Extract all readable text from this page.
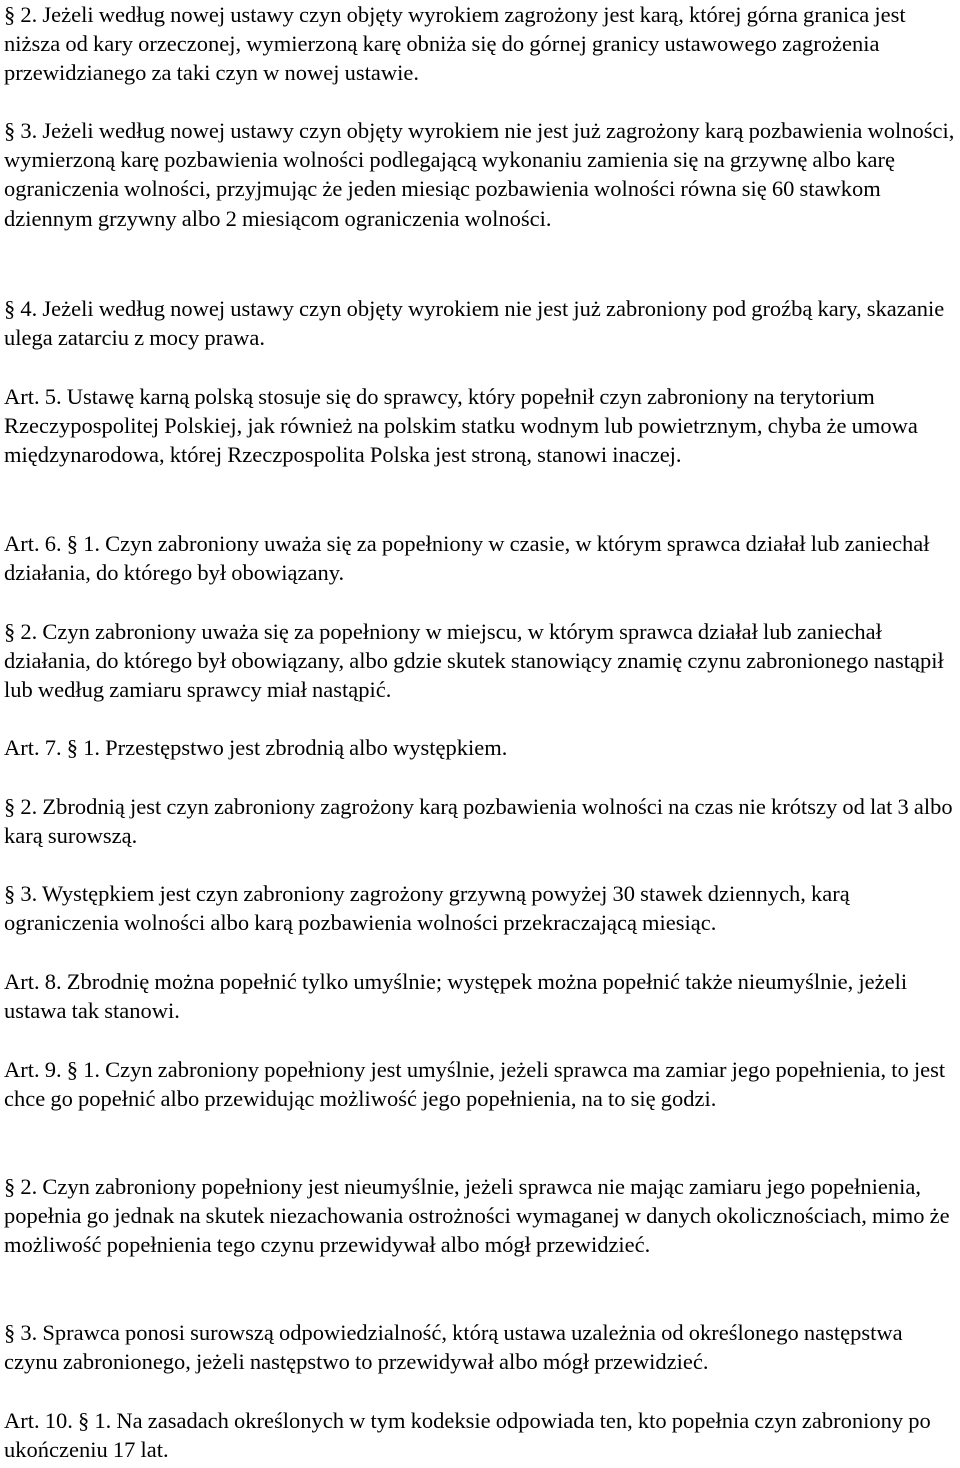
§ 2. Jeżeli według nowej ustawy czyn objęty wyrokiem zagrożony jest karą, której górna granica jest niższa od kary orzeczonej, wymierzoną karę obniża się do górnej granicy ustawowego zagrożenia przewidzianego za taki czyn w nowej ustawie.

§ 3. Jeżeli według nowej ustawy czyn objęty wyrokiem nie jest już zagrożony karą pozbawienia wolności, wymierzoną karę pozbawienia wolności podlegającą wykonaniu zamienia się na grzywnę albo karę ograniczenia wolności, przyjmując że jeden miesiąc pozbawienia wolności równa się 60 stawkom dziennym grzywny albo 2 miesiącom ograniczenia wolności.

§ 4. Jeżeli według nowej ustawy czyn objęty wyrokiem nie jest już zabroniony pod groźbą kary, skazanie ulega zatarciu z mocy prawa.

Art. 5. Ustawę karną polską stosuje się do sprawcy, który popełnił czyn zabroniony na terytorium Rzeczypospolitej Polskiej, jak również na polskim statku wodnym lub powietrznym, chyba że umowa międzynarodowa, której Rzeczpospolita Polska jest stroną, stanowi inaczej.

Art. 6. § 1. Czyn zabroniony uważa się za popełniony w czasie, w którym sprawca działał lub zaniechał działania, do którego był obowiązany.

§ 2. Czyn zabroniony uważa się za popełniony w miejscu, w którym sprawca działał lub zaniechał działania, do którego był obowiązany, albo gdzie skutek stanowiący znamię czynu zabronionego nastąpił lub według zamiaru sprawcy miał nastąpić.

Art. 7. § 1. Przestępstwo jest zbrodnią albo występkiem.

§ 2. Zbrodnią jest czyn zabroniony zagrożony karą pozbawienia wolności na czas nie krótszy od lat 3 albo karą surowszą.

§ 3. Występkiem jest czyn zabroniony zagrożony grzywną powyżej 30 stawek dziennych, karą ograniczenia wolności albo karą pozbawienia wolności przekraczającą miesiąc.

Art. 8. Zbrodnię można popełnić tylko umyślnie; występek można popełnić także nieumyślnie, jeżeli ustawa tak stanowi.

Art. 9. § 1. Czyn zabroniony popełniony jest umyślnie, jeżeli sprawca ma zamiar jego popełnienia, to jest chce go popełnić albo przewidując możliwość jego popełnienia, na to się godzi.

§ 2. Czyn zabroniony popełniony jest nieumyślnie, jeżeli sprawca nie mając zamiaru jego popełnienia, popełnia go jednak na skutek niezachowania ostrożności wymaganej w danych okolicznościach, mimo że możliwość popełnienia tego czynu przewidywał albo mógł przewidzieć.

§ 3. Sprawca ponosi surowszą odpowiedzialność, którą ustawa uzależnia od określonego następstwa czynu zabronionego, jeżeli następstwo to przewidywał albo mógł przewidzieć.

Art. 10. § 1. Na zasadach określonych w tym kodeksie odpowiada ten, kto popełnia czyn zabroniony po ukończeniu 17 lat.
